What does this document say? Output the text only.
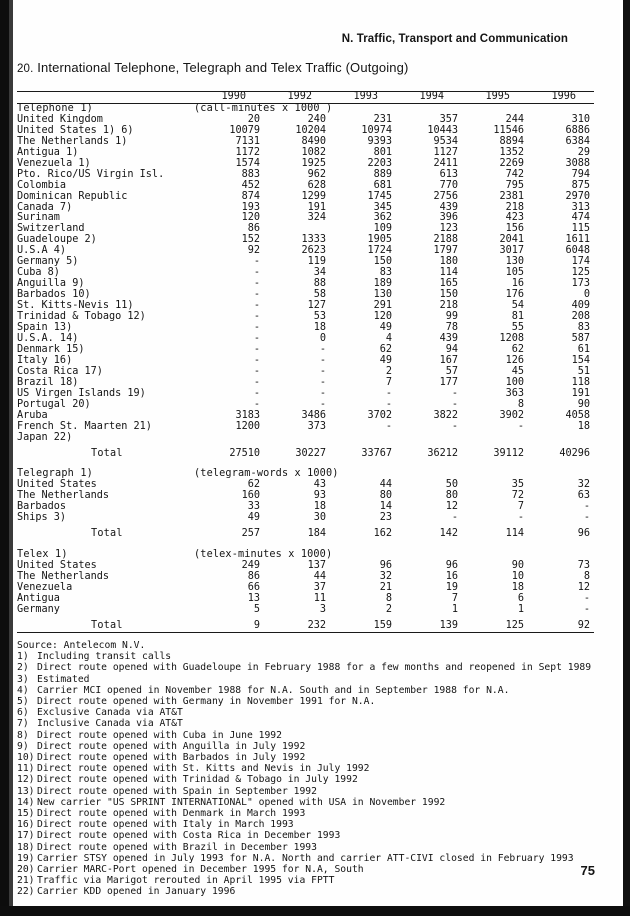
N. Traffic, Transport and Communication
20. International Telephone, Telegraph and Telex Traffic (Outgoing)
	1990	1992	1993	1994	1995	1996	
Telephone 1)	(call-minutes x 1000 )						
United Kingdom	20	240	231	357	244	310	
United States 1) 6)	10079	10204	10974	10443	11546	6886	
The Netherlands 1)	7131	8490	9393	9534	8894	6384	
Antigua 1)	1172	1082	801	1127	1352	29	
Venezuela 1)	1574	1925	2203	2411	2269	3088	
Pto. Rico/US Virgin Isl.	883	962	889	613	742	794	
Colombia	452	628	681	770	795	875	
Dominican Republic	874	1299	1745	2756	2381	2970	
Canada 7)	193	191	345	439	218	313	
Surinam	120	324	362	396	423	474	
Switzerland	86		109	123	156	115	
Guadeloupe 2)	152	1333	1905	2188	2041	1611	
U.S.A 4)	92	2623	1724	1797	3017	6048	
Germany 5)	-	119	150	180	130	174	
Cuba 8)	-	34	83	114	105	125	
Anguilla 9)	-	88	189	165	16	173	
Barbados 10)	-	58	130	150	176	0	
St. Kitts-Nevis 11)	-	127	291	218	54	409	
Trinidad & Tobago 12)	-	53	120	99	81	208	
Spain 13)	-	18	49	78	55	83	
U.S.A. 14)	-	0	4	439	1208	587	
Denmark 15)	-	-	62	94	62	61	
Italy 16)	-	-	49	167	126	154	
Costa Rica 17)	-	-	2	57	45	51	
Brazil 18)	-	-	7	177	100	118	
US Virgen Islands 19)	-	-	-	-	363	191	
Portugal 20)	-	-	-	-	8	90	
Aruba	3183	3486	3702	3822	3902	4058	
French St. Maarten 21)	1200	373	-	-	-	18	
Japan 22)							

Total	27510	30227	33767	36212	39112	40296	

Telegraph 1)	(telegram-words x 1000)						
United States	62	43	44	50	35	32	
The Netherlands	160	93	80	80	72	63	
Barbados	33	18	14	12	7	-	
Ships 3)	49	30	23	-	-	-	

Total	257	184	162	142	114	96	

Telex 1)	(telex-minutes x 1000)						
United States	249	137	96	96	90	73	
The Netherlands	86	44	32	16	10	8	
Venezuela	66	37	21	19	18	12	
Antigua	13	11	8	7	6	-	
Germany	5	3	2	1	1	-	

Total	9	232	159	139	125	92	
Source: Antelecom N.V.
1) Including transit calls
2) Direct route opened with Guadeloupe in February 1988 for a few months and reopened in Sept 1989
3) Estimated
4) Carrier MCI opened in November 1988 for N.A. South and in September 1988 for N.A.
5) Direct route opened with Germany in November 1991 for N.A.
6) Exclusive Canada via AT&T
7) Inclusive Canada via AT&T
8) Direct route opened with Cuba in June 1992
9) Direct route opened with Anguilla in July 1992
10) Direct route opened with Barbados in July 1992
11) Direct route opened with St. Kitts and Nevis in July 1992
12) Direct route opened with Trinidad & Tobago in July 1992
13) Direct route opened with Spain in September 1992
14) New carrier "US SPRINT INTERNATIONAL" opened with USA in November 1992
15) Direct route opened with Denmark in March 1993
16) Direct route opened with Italy in March 1993
17) Direct route opened with Costa Rica in December 1993
18) Direct route opened with Brazil in December 1993
19) Carrier STSY opened in July 1993 for N.A. North and carrier ATT-CIVI closed in February 1993
20) Carrier MARC-Port opened in December 1995 for N.A, South
21) Traffic via Marigot rerouted in April 1995 via FPTT
22) Carrier KDD opened in January 1996
75
